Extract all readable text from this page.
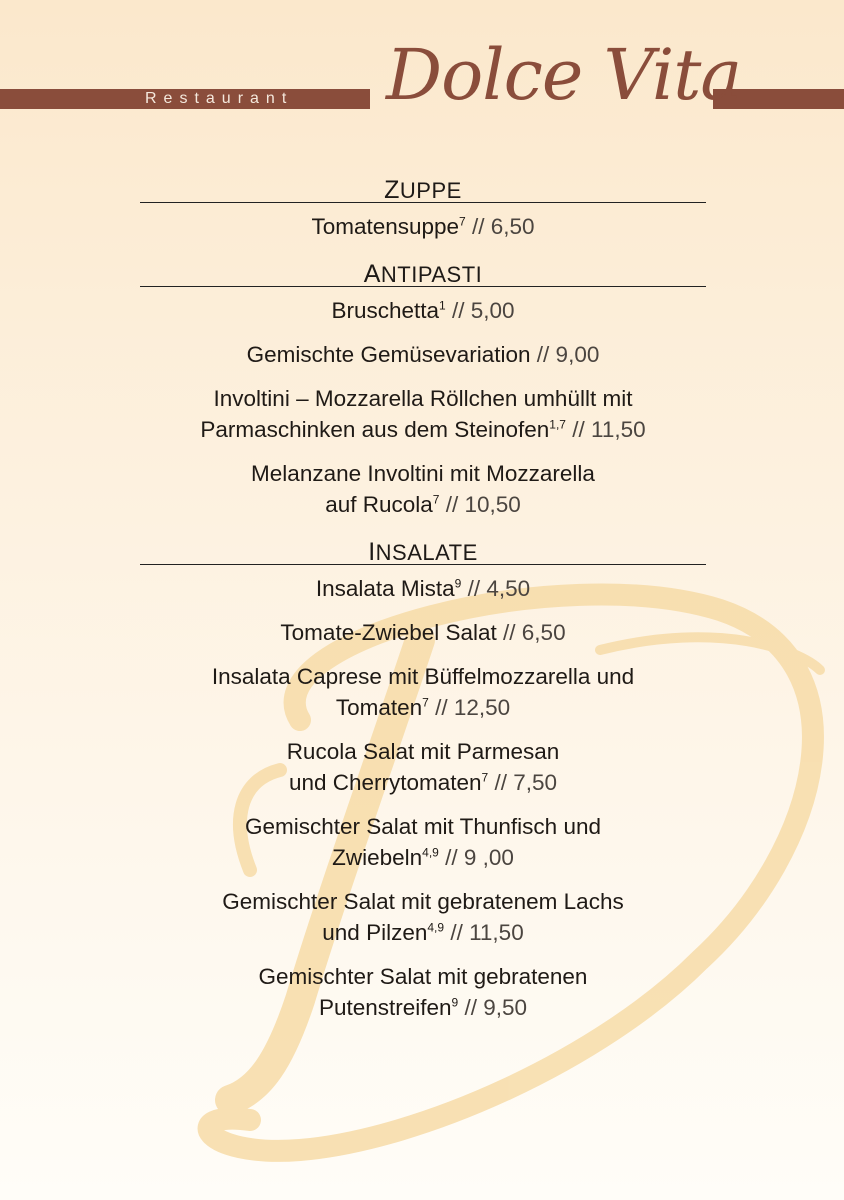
Restaurant Dolce Vita
ZUPPE
Tomatensuppe$^7$ // 6,50
ANTIPASTI
Bruschetta$^1$ // 5,00
Gemischte Gemüsevariation // 9,00
Involtini – Mozzarella Röllchen umhüllt mit
Parmaschinken aus dem Steinofen$^{1,7}$ // 11,50
Melanzane Involtini mit Mozzarella
auf Rucola$^7$ // 10,50
INSALATE
Insalata Mista$^9$ // 4,50
Tomate-Zwiebel Salat // 6,50
Insalata Caprese mit Büffelmozzarella und
Tomaten$^7$ // 12,50
Rucola Salat mit Parmesan
und Cherrytomaten$^7$ // 7,50
Gemischter Salat mit Thunfisch und
Zwiebeln$^{4,9}$ // 9 ,00
Gemischter Salat mit gebratenem Lachs
und Pilzen$^{4,9}$ // 11,50
Gemischter Salat mit gebratenen
Putenstreifen$^9$ // 9,50
